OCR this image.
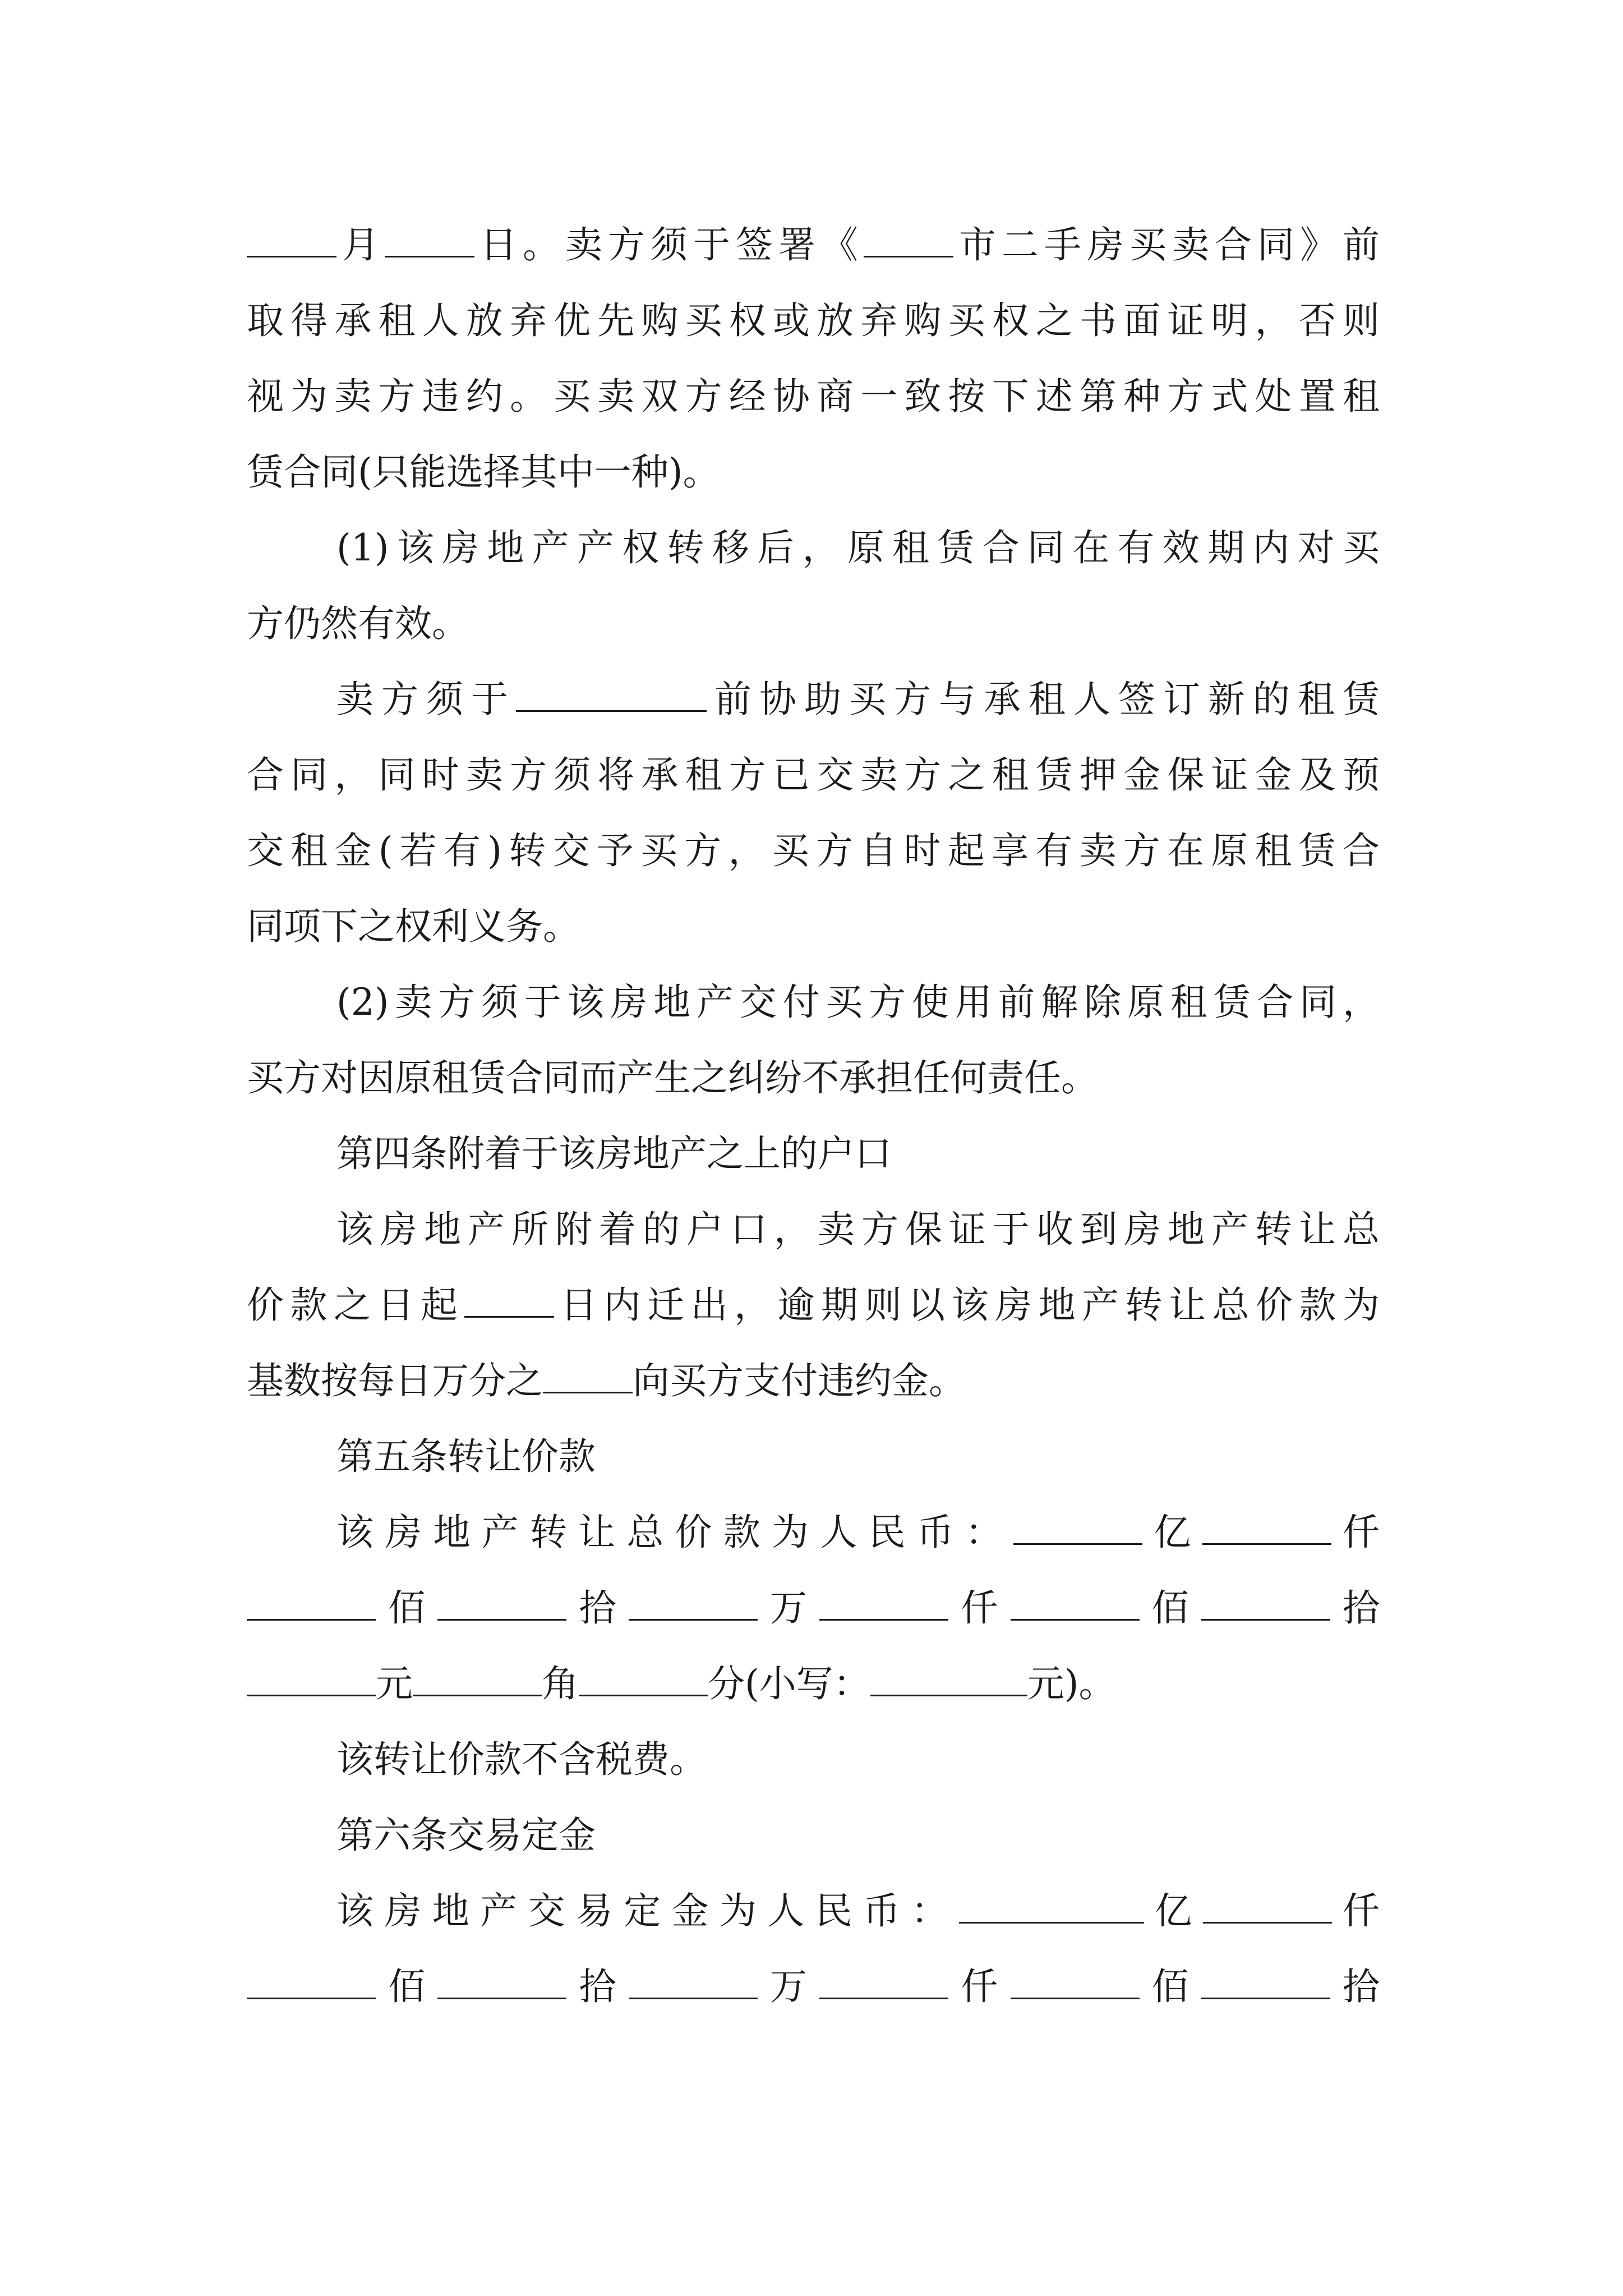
月 日。卖方须于签署《 市二手房买卖合同》前

取得承租人放弃优先购买权或放弃购买权之书面证明，否则

视为卖方违约。买卖双方经协商一致按下述第种方式处置租

赁合同(只能选择其中一种)。

(1)该房地产产权转移后，原租赁合同在有效期内对买

方仍然有效。

卖方须于	前协助买方与承租人签订新的租赁

合同，同时卖方须将承租方已交卖方之租赁押金保证金及预

交租金(若有)转交予买方，买方自时起享有卖方在原租赁合

同项下之权利义务。

(2)卖方须于该房地产交付买方使用前解除原租赁合同，

买方对因原租赁合同而产生之纠纷不承担任何责任。

第四条附着于该房地产之上的户口

该房地产所附着的户口，卖方保证于收到房地产转让总

价款之日起 日内迁出，逾期则以该房地产转让总价款为

基数按每日万分之 向买方支付违约金。

第五条转让价款

该房地产转让总价款为人民币：	亿	仟

佰	拾	万	仟	佰	拾

元	角	分(小写：	元)。

该转让价款不含税费。

第六条交易定金

该房地产交易定金为人民币：	亿	仟

佰	拾	万	仟	佰	拾
